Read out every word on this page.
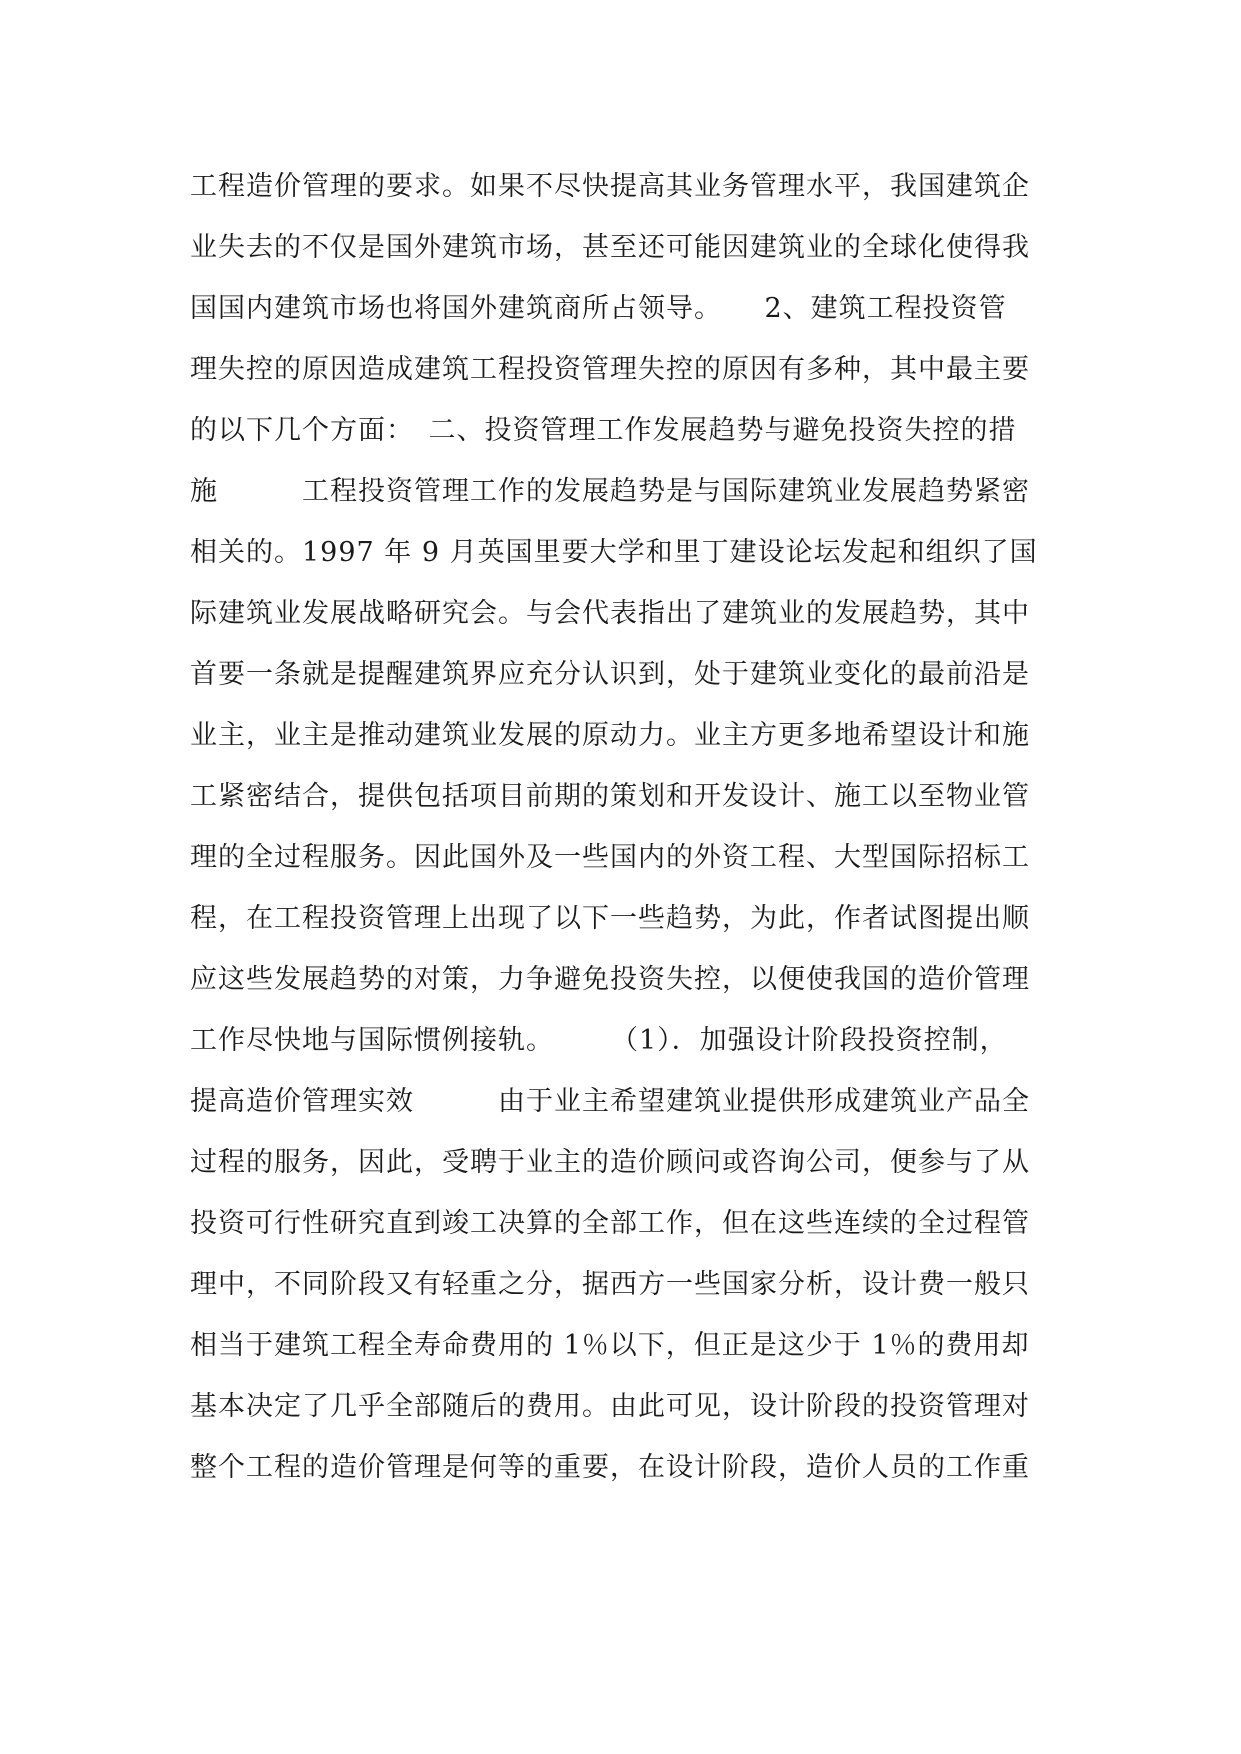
工程造价管理的要求。如果不尽快提高其业务管理水平，我国建筑企
业失去的不仅是国外建筑市场，甚至还可能因建筑业的全球化使得我
国国内建筑市场也将国外建筑商所占领导。　　2、建筑工程投资管
理失控的原因造成建筑工程投资管理失控的原因有多种，其中最主要
的以下几个方面：　二、投资管理工作发展趋势与避免投资失控的措
施　　　工程投资管理工作的发展趋势是与国际建筑业发展趋势紧密
相关的。1997 年 9 月英国里要大学和里丁建设论坛发起和组织了国
际建筑业发展战略研究会。与会代表指出了建筑业的发展趋势，其中
首要一条就是提醒建筑界应充分认识到，处于建筑业变化的最前沿是
业主，业主是推动建筑业发展的原动力。业主方更多地希望设计和施
工紧密结合，提供包括项目前期的策划和开发设计、施工以至物业管
理的全过程服务。因此国外及一些国内的外资工程、大型国际招标工
程，在工程投资管理上出现了以下一些趋势，为此，作者试图提出顺
应这些发展趋势的对策，力争避免投资失控，以便使我国的造价管理
工作尽快地与国际惯例接轨。　　　（1）．加强设计阶段投资控制，
提高造价管理实效　　　由于业主希望建筑业提供形成建筑业产品全
过程的服务，因此，受聘于业主的造价顾问或咨询公司，便参与了从
投资可行性研究直到竣工决算的全部工作，但在这些连续的全过程管
理中，不同阶段又有轻重之分，据西方一些国家分析，设计费一般只
相当于建筑工程全寿命费用的 1％以下，但正是这少于 1％的费用却
基本决定了几乎全部随后的费用。由此可见，设计阶段的投资管理对
整个工程的造价管理是何等的重要，在设计阶段，造价人员的工作重
